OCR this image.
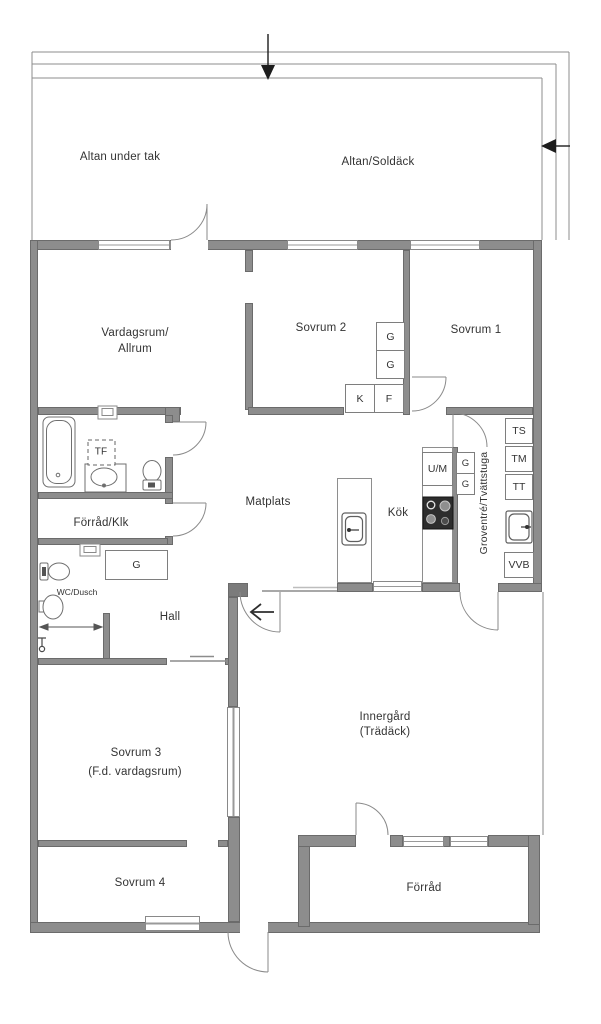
G
G
K F
G
G
G
U/M
TS
TM
TT
VVB
Altan under tak	Altan/Soldäck
Vardagsrum/
Allrum
Sovrum 2	Sovrum 1
TF
Förråd/Klk
Matplats
Kök	Groventré/Tvättstuga
WC/Dusch
Hall
Sovrum 3
(F.d. vardagsrum)
Innergård
(Trädäck)
Sovrum 4	Förråd
